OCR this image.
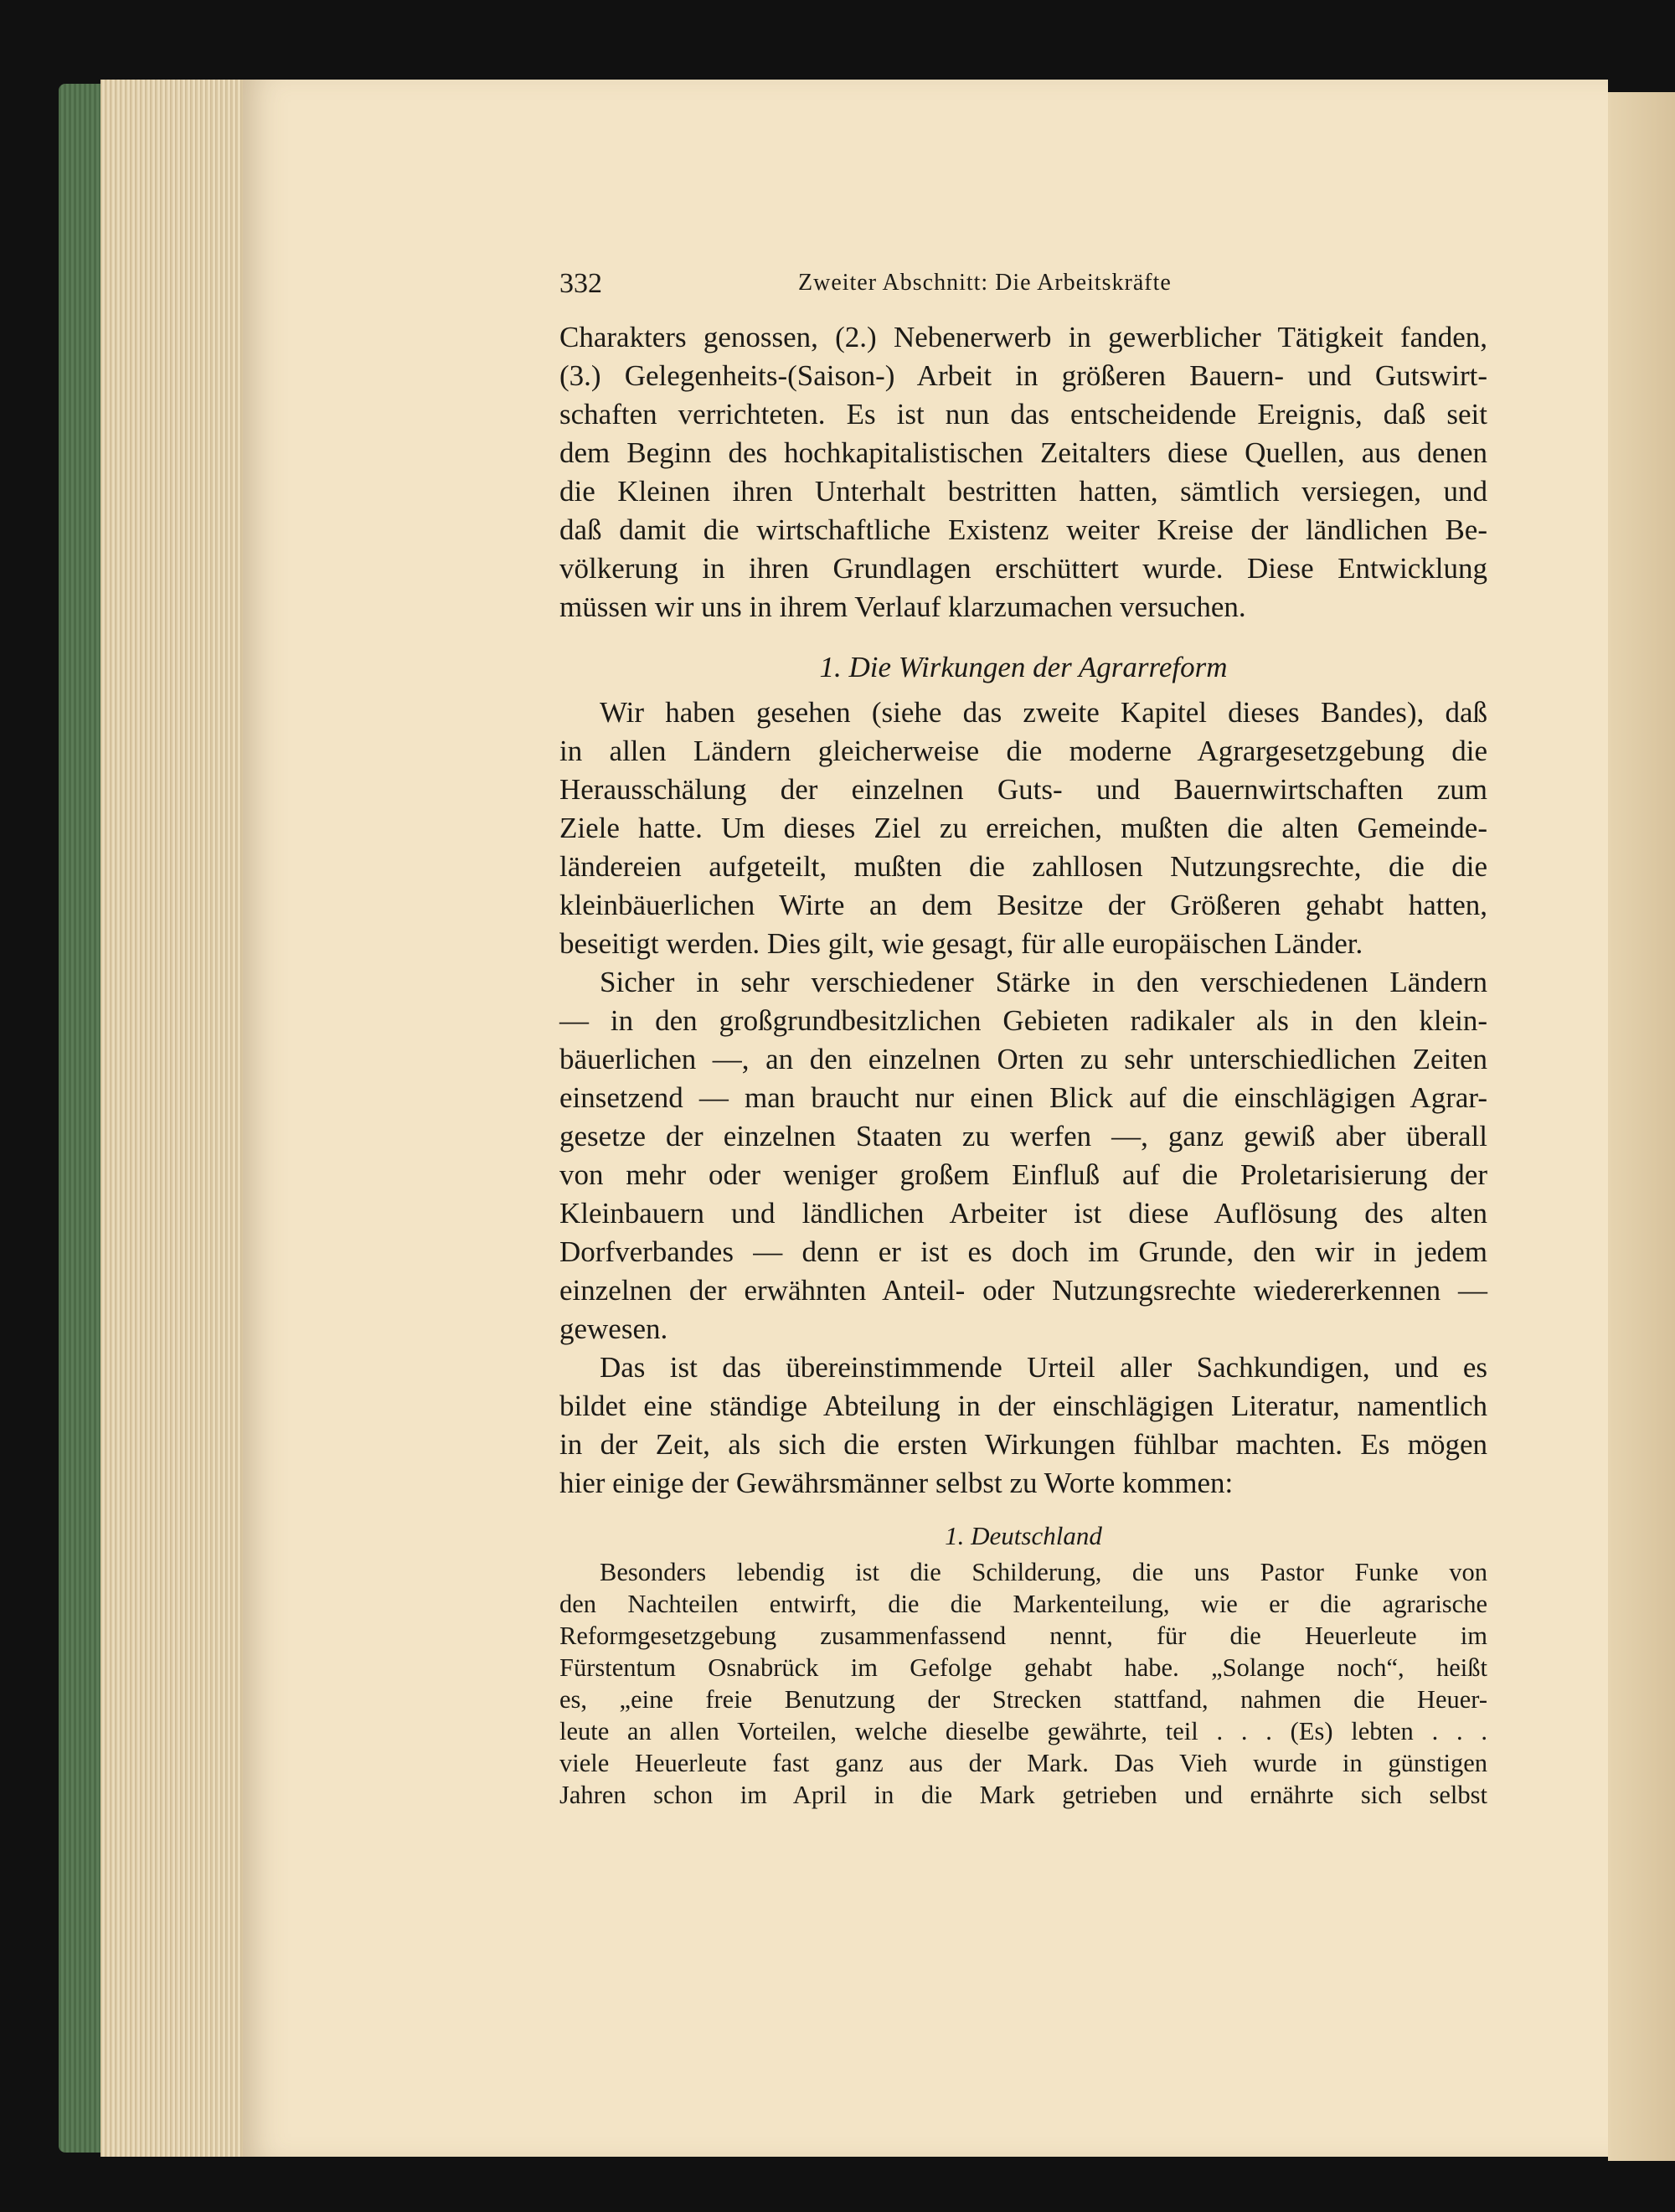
332	Zweiter Abschnitt: Die Arbeitskräfte

Charakters genossen, (2.) Nebenerwerb in gewerblicher Tätigkeit fanden,
(3.) Gelegenheits-(Saison-) Arbeit in größeren Bauern- und Gutswirt-
schaften verrichteten. Es ist nun das entscheidende Ereignis, daß seit
dem Beginn des hochkapitalistischen Zeitalters diese Quellen, aus denen
die Kleinen ihren Unterhalt bestritten hatten, sämtlich versiegen, und
daß damit die wirtschaftliche Existenz weiter Kreise der ländlichen Be-
völkerung in ihren Grundlagen erschüttert wurde. Diese Entwicklung
müssen wir uns in ihrem Verlauf klarzumachen versuchen.

1. Die Wirkungen der Agrarreform

Wir haben gesehen (siehe das zweite Kapitel dieses Bandes), daß
in allen Ländern gleicherweise die moderne Agrargesetzgebung die
Herausschälung der einzelnen Guts- und Bauernwirtschaften zum
Ziele hatte. Um dieses Ziel zu erreichen, mußten die alten Gemeinde-
ländereien aufgeteilt, mußten die zahllosen Nutzungsrechte, die die
kleinbäuerlichen Wirte an dem Besitze der Größeren gehabt hatten,
beseitigt werden. Dies gilt, wie gesagt, für alle europäischen Länder.

Sicher in sehr verschiedener Stärke in den verschiedenen Ländern
— in den großgrundbesitzlichen Gebieten radikaler als in den klein-
bäuerlichen —, an den einzelnen Orten zu sehr unterschiedlichen Zeiten
einsetzend — man braucht nur einen Blick auf die einschlägigen Agrar-
gesetze der einzelnen Staaten zu werfen —, ganz gewiß aber überall
von mehr oder weniger großem Einfluß auf die Proletarisierung der
Kleinbauern und ländlichen Arbeiter ist diese Auflösung des alten
Dorfverbandes — denn er ist es doch im Grunde, den wir in jedem
einzelnen der erwähnten Anteil- oder Nutzungsrechte wiedererkennen —
gewesen.

Das ist das übereinstimmende Urteil aller Sachkundigen, und es
bildet eine ständige Abteilung in der einschlägigen Literatur, namentlich
in der Zeit, als sich die ersten Wirkungen fühlbar machten. Es mögen
hier einige der Gewährsmänner selbst zu Worte kommen:

1. Deutschland

Besonders lebendig ist die Schilderung, die uns Pastor Funke von
den Nachteilen entwirft, die die Markenteilung, wie er die agrarische
Reformgesetzgebung zusammenfassend nennt, für die Heuerleute im
Fürstentum Osnabrück im Gefolge gehabt habe. „Solange noch“, heißt
es, „eine freie Benutzung der Strecken stattfand, nahmen die Heuer-
leute an allen Vorteilen, welche dieselbe gewährte, teil . . . (Es) lebten . . .
viele Heuerleute fast ganz aus der Mark. Das Vieh wurde in günstigen
Jahren schon im April in die Mark getrieben und ernährte sich selbst
